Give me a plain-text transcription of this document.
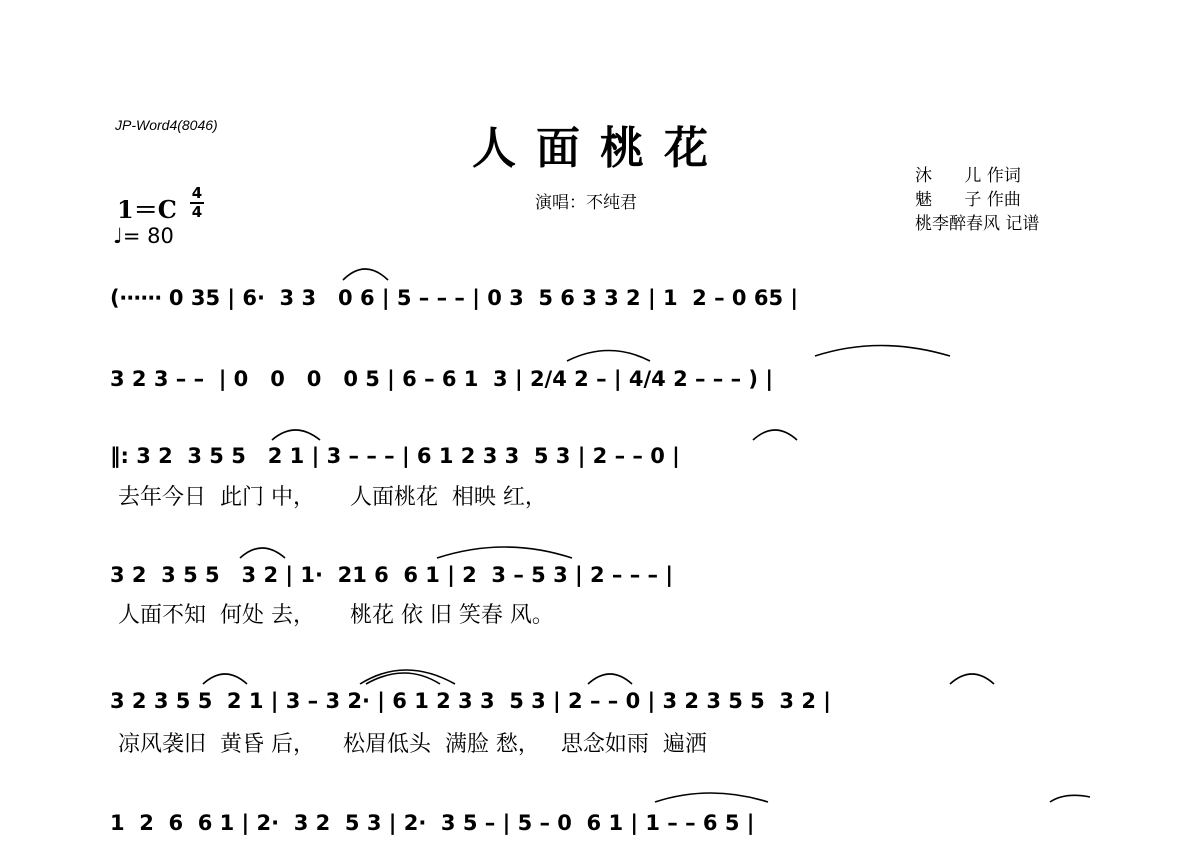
JP-Word4(8046)	人面桃花
沐      儿 作词
魅      子 作曲
桃李醉春风 记谱
演唱：不纯君
1＝C
4
4
♩= 80
(⋯⋯ 0 35 | 6·  3 3   0 6 | 5 – – – | 0 3  5 6 3 3 2 | 1  2 – 0 65 |
3 2 3 – –  | 0   0   0   0 5 | 6 – 6 1  3 | 2/4 2 – | 4/4 2 – – – ) |
‖: 3 2  3 5 5   2 1 | 3 – – – | 6 1 2 3 3  5 3 | 2 – – 0 |
去年今日  此门 中，     人面桃花  相映 红，
3 2  3 5 5   3 2 | 1·  21 6  6 1 | 2  3 – 5 3 | 2 – – – |
人面不知  何处 去，     桃花 依 旧 笑春 风。
3 2 3 5 5  2 1 | 3 – 3 2· | 6 1 2 3 3  5 3 | 2 – – 0 | 3 2 3 5 5  3 2 |
凉风袭旧  黄昏 后，    松眉低头  满脸 愁，   思念如雨  遍洒
1  2  6  6 1 | 2·  3 2  5 3 | 2·  3 5 – | 5 – 0  6 1 | 1 – – 6 5 |
